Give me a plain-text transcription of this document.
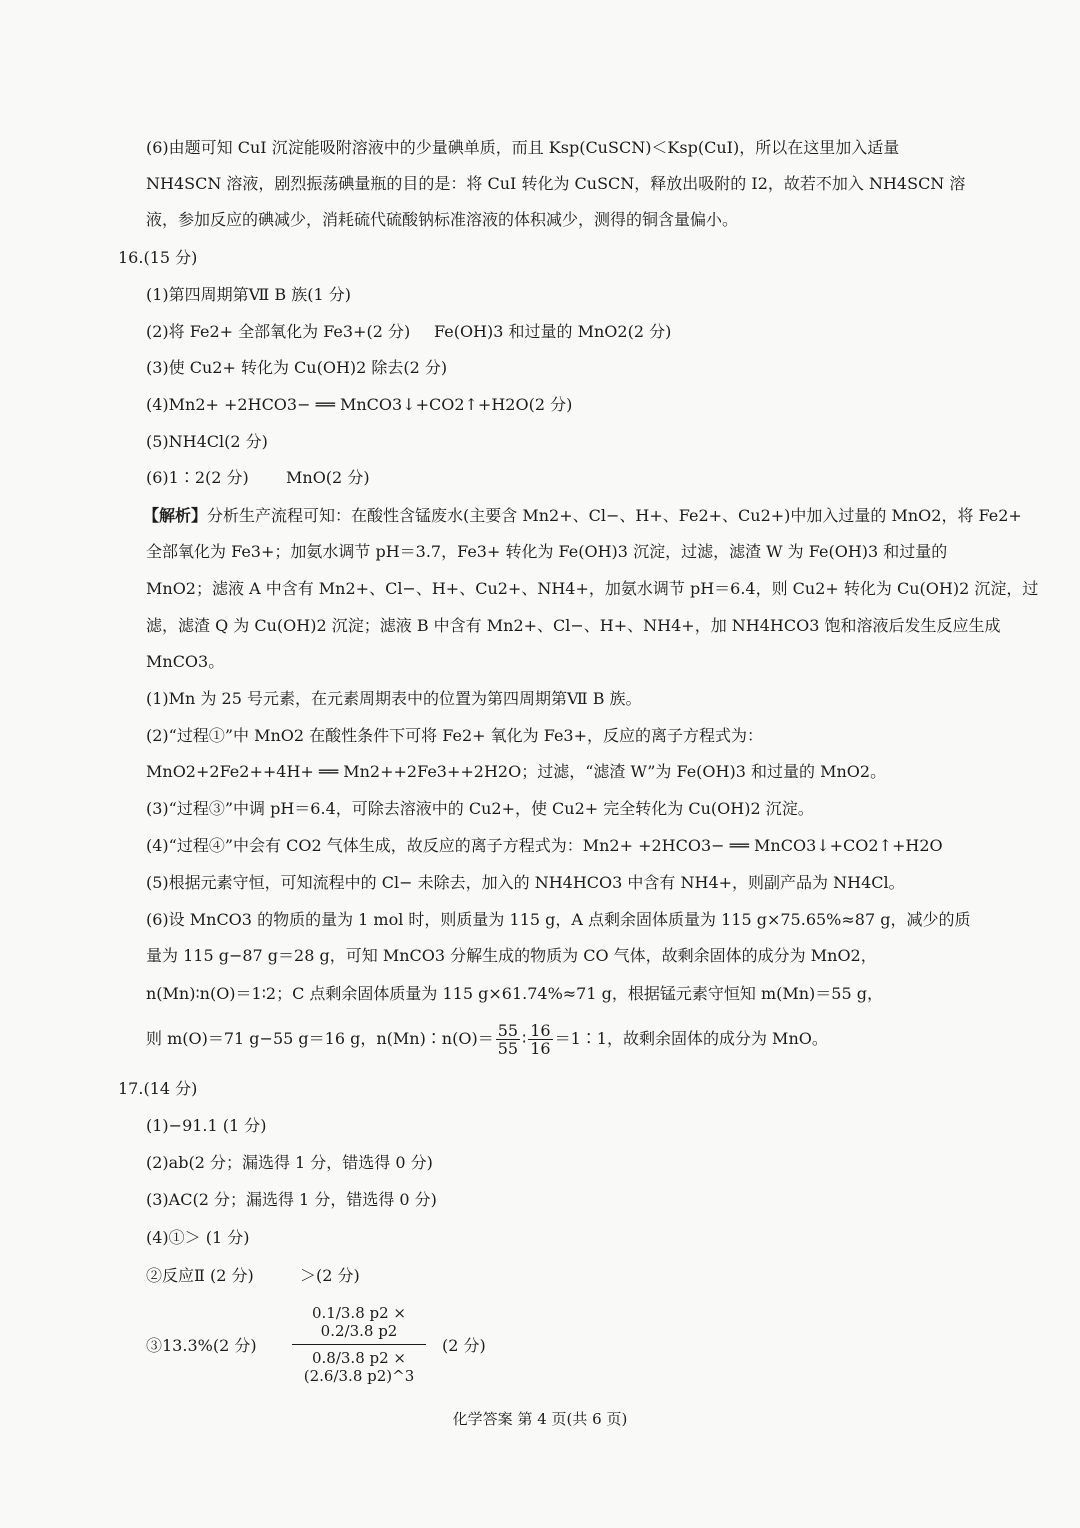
(6)由题可知 CuI 沉淀能吸附溶液中的少量碘单质，而且 Ksp(CuSCN)＜Ksp(CuI)，所以在这里加入适量
NH4SCN 溶液，剧烈振荡碘量瓶的目的是：将 CuI 转化为 CuSCN，释放出吸附的 I2，故若不加入 NH4SCN 溶
液，参加反应的碘减少，消耗硫代硫酸钠标准溶液的体积减少，测得的铜含量偏小。
16.(15 分)
(1)第四周期第Ⅶ B 族(1 分)
(2)将 Fe2+ 全部氧化为 Fe3+(2 分) Fe(OH)3 和过量的 MnO2(2 分)
(3)使 Cu2+ 转化为 Cu(OH)2 除去(2 分)
(4)Mn2+ +2HCO3− ══ MnCO3↓+CO2↑+H2O(2 分)
(5)NH4Cl(2 分)
(6)1∶2(2 分) MnO(2 分)
【解析】分析生产流程可知：在酸性含锰废水(主要含 Mn2+、Cl−、H+、Fe2+、Cu2+)中加入过量的 MnO2，将 Fe2+
全部氧化为 Fe3+；加氨水调节 pH＝3.7，Fe3+ 转化为 Fe(OH)3 沉淀，过滤，滤渣 W 为 Fe(OH)3 和过量的
MnO2；滤液 A 中含有 Mn2+、Cl−、H+、Cu2+、NH4+，加氨水调节 pH＝6.4，则 Cu2+ 转化为 Cu(OH)2 沉淀，过
滤，滤渣 Q 为 Cu(OH)2 沉淀；滤液 B 中含有 Mn2+、Cl−、H+、NH4+，加 NH4HCO3 饱和溶液后发生反应生成
MnCO3。
(1)Mn 为 25 号元素，在元素周期表中的位置为第四周期第Ⅶ B 族。
(2)“过程①”中 MnO2 在酸性条件下可将 Fe2+ 氧化为 Fe3+，反应的离子方程式为：
MnO2+2Fe2++4H+ ══ Mn2++2Fe3++2H2O；过滤，“滤渣 W”为 Fe(OH)3 和过量的 MnO2。
(3)“过程③”中调 pH＝6.4，可除去溶液中的 Cu2+，使 Cu2+ 完全转化为 Cu(OH)2 沉淀。
(4)“过程④”中会有 CO2 气体生成，故反应的离子方程式为：Mn2+ +2HCO3− ══ MnCO3↓+CO2↑+H2O
(5)根据元素守恒，可知流程中的 Cl− 未除去，加入的 NH4HCO3 中含有 NH4+，则副产品为 NH4Cl。
(6)设 MnCO3 的物质的量为 1 mol 时，则质量为 115 g，A 点剩余固体质量为 115 g×75.65%≈87 g，减少的质
量为 115 g−87 g＝28 g，可知 MnCO3 分解生成的物质为 CO 气体，故剩余固体的成分为 MnO2，
n(Mn)∶n(O)＝1∶2；C 点剩余固体质量为 115 g×61.74%≈71 g，根据锰元素守恒知 m(Mn)＝55 g，
则 m(O)＝71 g−55 g＝16 g，n(Mn)∶n(O)＝ $\frac{55}{55}$ ∶ $\frac{16}{16}$ ＝1∶1，故剩余固体的成分为 MnO。
17.(14 分)
(1)−91.1 (1 分)
(2)ab(2 分；漏选得 1 分，错选得 0 分)
(3)AC(2 分；漏选得 1 分，错选得 0 分)
(4)①＞ (1 分)
②反应Ⅱ (2 分)	＞(2 分)
③13.3%(2 分) $\frac{0.1/3.8 p2 \times 0.2/3.8 p2}{0.8/3.8 p2 \times (2.6/3.8 p2)\^{}3} (2$ 分)
化学答案 第 4 页(共 6 页)
